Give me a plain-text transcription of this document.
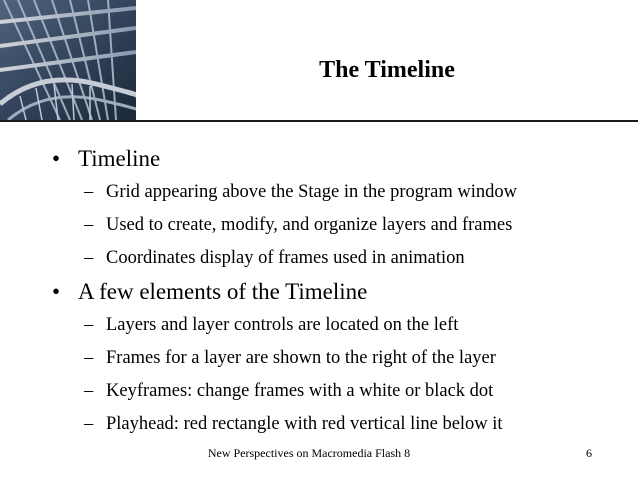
The Timeline

• Timeline

– Grid appearing above the Stage in the program window

– Used to create, modify, and organize layers and frames

– Coordinates display of frames used in animation

• A few elements of the Timeline

– Layers and layer controls are located on the left

– Frames for a layer are shown to the right of the layer

– Keyframes: change frames with a white or black dot

– Playhead: red rectangle with red vertical line below it

New Perspectives on Macromedia Flash 8	6
